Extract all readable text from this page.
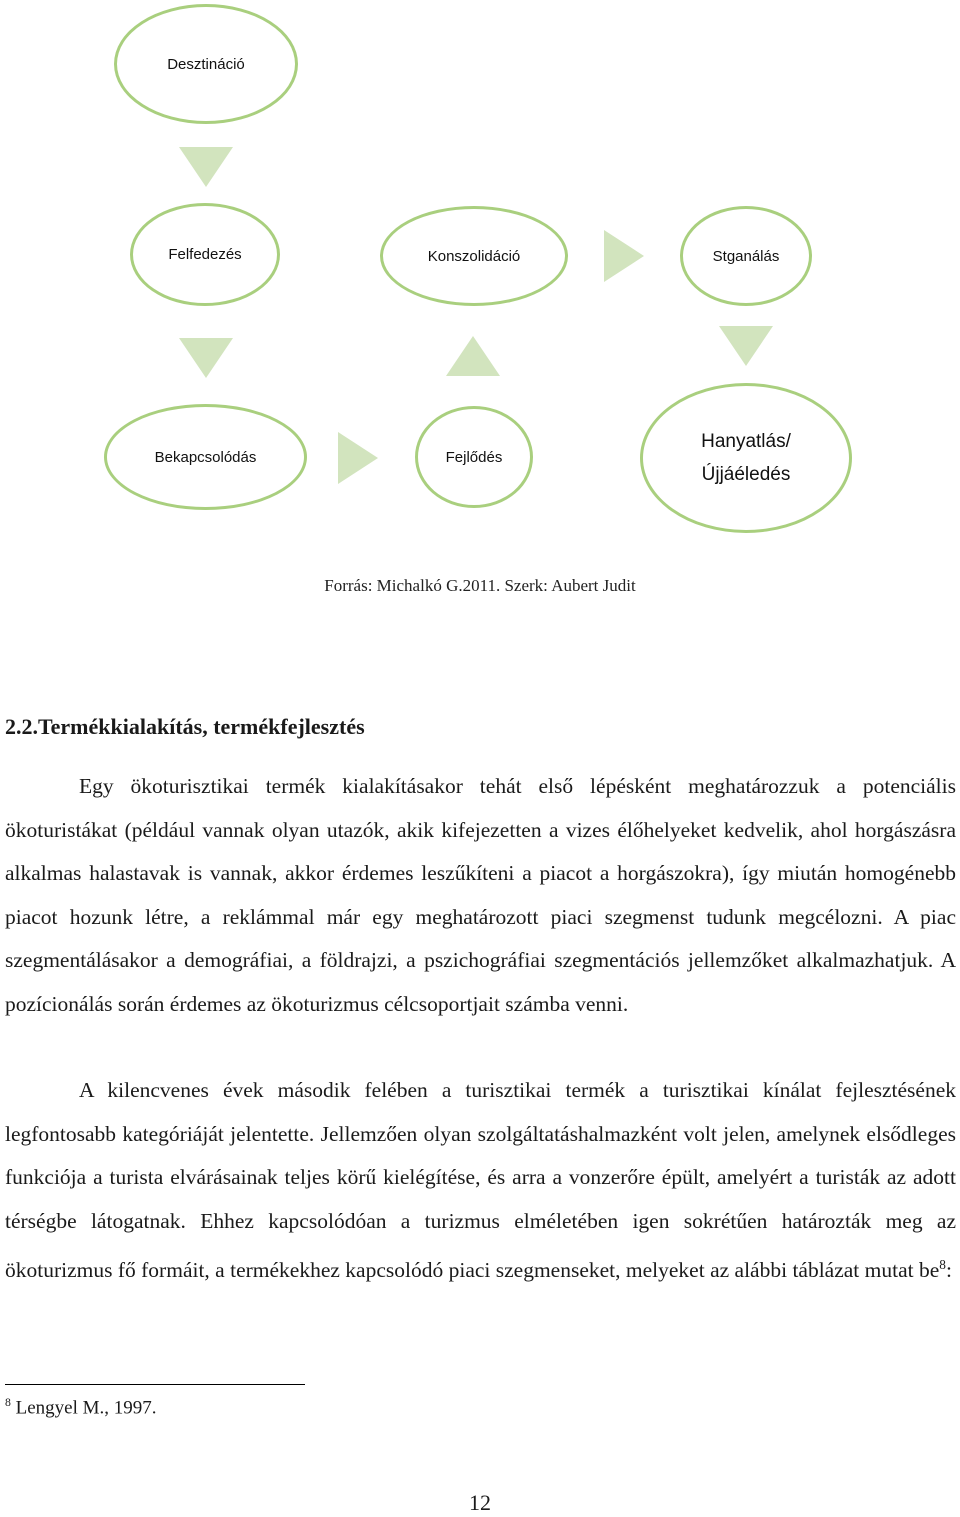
Desztináció
Felfedezés	Konszolidáció	Stganálás
Bekapcsolódás	Fejlődés
Hanyatlás/
Újjáéledés
Forrás: Michalkó G.2011. Szerk: Aubert Judit
2.2.Termékkialakítás, termékfejlesztés

Egy ökoturisztikai termék kialakításakor tehát első lépésként meghatározzuk a potenciális ökoturistákat (például vannak olyan utazók, akik kifejezetten a vizes élőhelyeket kedvelik, ahol horgászásra alkalmas halastavak is vannak, akkor érdemes leszűkíteni a piacot a horgászokra), így miután homogénebb piacot hozunk létre, a reklámmal már egy meghatározott piaci szegmenst tudunk megcélozni. A piac szegmentálásakor a demográfiai, a földrajzi, a pszichográfiai szegmentációs jellemzőket alkalmazhatjuk. A pozícionálás során érdemes az ökoturizmus célcsoportjait számba venni.

A kilencvenes évek második felében a turisztikai termék a turisztikai kínálat fejlesztésének legfontosabb kategóriáját jelentette. Jellemzően olyan szolgáltatáshalmazként volt jelen, amelynek elsődleges funkciója a turista elvárásainak teljes körű kielégítése, és arra a vonzerőre épült, amelyért a turisták az adott térségbe látogatnak. Ehhez kapcsolódóan a turizmus elméletében igen sokrétűen határozták meg az ökoturizmus fő formáit, a termékekhez kapcsolódó piaci szegmenseket, melyeket az alábbi táblázat mutat $be^8$:

$^8$ Lengyel M., 1997.
12
